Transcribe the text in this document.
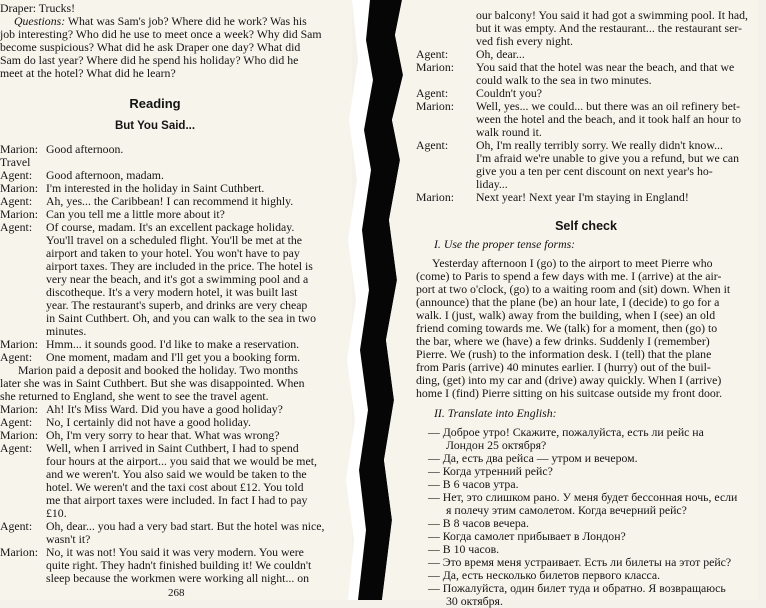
Draper: Trucks!
Questions: What was Sam's job? Where did he work? Was his
job interesting? Who did he use to meet once a week? Why did Sam
become suspicious? What did he ask Draper one day? What did
Sam do last year? Where did he spend his holiday? Who did he
meet at the hotel? What did he learn?
Reading
But You Said...
Marion: Good afternoon.
Travel
Agent: Good afternoon, madam.
Marion: I'm interested in the holiday in Saint Cuthbert.
Agent: Ah, yes... the Caribbean! I can recommend it highly.
Marion: Can you tell me a little more about it?
Agent: Of course, madam. It's an excellent package holiday.
You'll travel on a scheduled flight. You'll be met at the
airport and taken to your hotel. You won't have to pay
airport taxes. They are included in the price. The hotel is
very near the beach, and it's got a swimming pool and a
discotheque. It's a very modern hotel, it was built last
year. The restaurant's superb, and drinks are very cheap
in Saint Cuthbert. Oh, and you can walk to the sea in two
minutes.
Marion: Hmm... it sounds good. I'd like to make a reservation.
Agent: One moment, madam and I'll get you a booking form.
Marion paid a deposit and booked the holiday. Two months
later she was in Saint Cuthbert. But she was disappointed. When
she returned to England, she went to see the travel agent.
Marion: Ah! It's Miss Ward. Did you have a good holiday?
Agent: No, I certainly did not have a good holiday.
Marion: Oh, I'm very sorry to hear that. What was wrong?
Agent: Well, when I arrived in Saint Cuthbert, I had to spend
four hours at the airport... you said that we would be met,
and we weren't. You also said we would be taken to the
hotel. We weren't and the taxi cost about £12. You told
me that airport taxes were included. In fact I had to pay
£10.
Agent: Oh, dear... you had a very bad start. But the hotel was nice,
wasn't it?
Marion: No, it was not! You said it was very modern. You were
quite right. They hadn't finished building it! We couldn't
sleep because the workmen were working all night... on
268
our balcony! You said it had got a swimming pool. It had,
but it was empty. And the restaurant... the restaurant ser-
ved fish every night.
Agent: Oh, dear...
Marion: You said that the hotel was near the beach, and that we
could walk to the sea in two minutes.
Agent: Couldn't you?
Marion: Well, yes... we could... but there was an oil refinery bet-
ween the hotel and the beach, and it took half an hour to
walk round it.
Agent: Oh, I'm really terribly sorry. We really didn't know...
I'm afraid we're unable to give you a refund, but we can
give you a ten per cent discount on next year's ho-
liday...
Marion: Next year! Next year I'm staying in England!
Self check
I. Use the proper tense forms:
Yesterday afternoon I (go) to the airport to meet Pierre who
(come) to Paris to spend a few days with me. I (arrive) at the air-
port at two o'clock, (go) to a waiting room and (sit) down. When it
(announce) that the plane (be) an hour late, I (decide) to go for a
walk. I (just, walk) away from the building, when I (see) an old
friend coming towards me. We (talk) for a moment, then (go) to
the bar, where we (have) a few drinks. Suddenly I (remember)
Pierre. We (rush) to the information desk. I (tell) that the plane
from Paris (arrive) 40 minutes earlier. I (hurry) out of the buil-
ding, (get) into my car and (drive) away quickly. When I (arrive)
home I (find) Pierre sitting on his suitcase outside my front door.
II. Translate into English:
— Доброе утро! Скажите, пожалуйста, есть ли рейс на
Лондон 25 октября?
— Да, есть два рейса — утром и вечером.
— Когда утренний рейс?
— В 6 часов утра.
— Нет, это слишком рано. У меня будет бессонная ночь, если
я полечу этим самолетом. Когда вечерний рейс?
— В 8 часов вечера.
— Когда самолет прибывает в Лондон?
— В 10 часов.
— Это время меня устраивает. Есть ли билеты на этот рейс?
— Да, есть несколько билетов первого класса.
— Пожалуйста, один билет туда и обратно. Я возвращаюсь
30 октября.
